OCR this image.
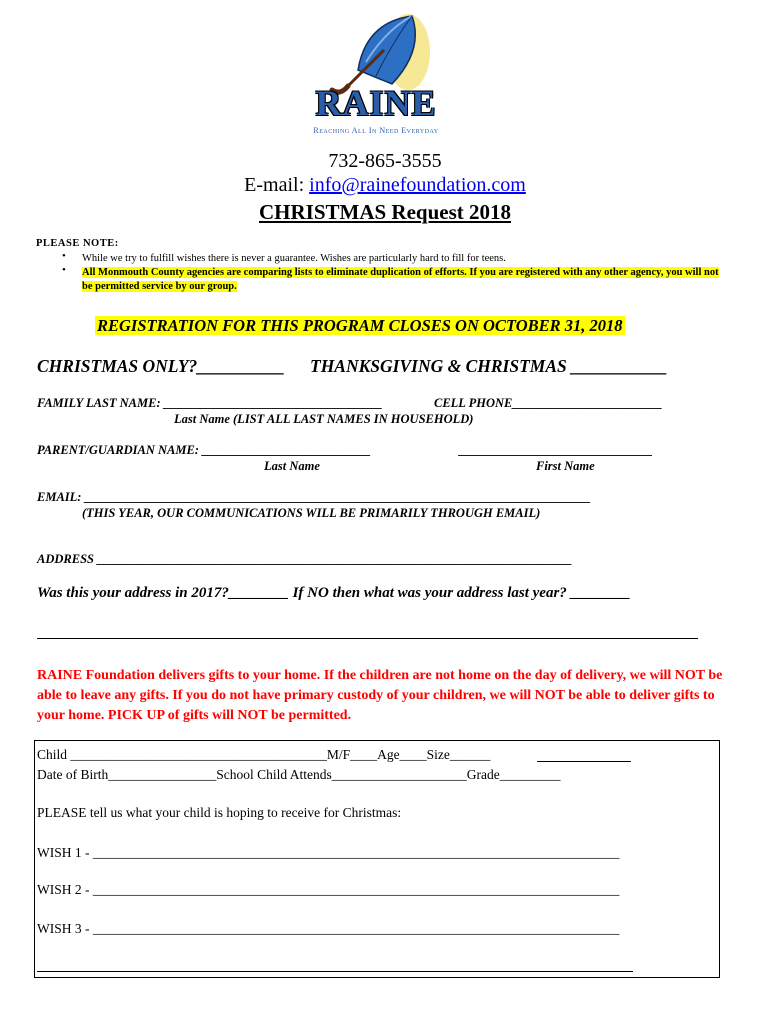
RAINE
Reaching All In Need Everyday
732-865-3555
E-mail: info@rainefoundation.com
CHRISTMAS Request 2018
PLEASE NOTE:
• While we try to fulfill wishes there is never a guarantee. Wishes are particularly hard to fill for teens.
• All Monmouth County agencies are comparing lists to eliminate duplication of efforts. If you are registered with any other agency, you will not be permitted service by our group.
REGISTRATION FOR THIS PROGRAM CLOSES ON OCTOBER 31, 2018
CHRISTMAS ONLY?__________ THANKSGIVING & CHRISTMAS ___________
FAMILY LAST NAME: ___________________________________	CELL PHONE________________________
Last Name (LIST ALL LAST NAMES IN HOUSEHOLD)
PARENT/GUARDIAN NAME: ___________________________	_______________________________
Last Name	First Name
EMAIL: _________________________________________________________________________________
(THIS YEAR, OUR COMMUNICATIONS WILL BE PRIMARILY THROUGH EMAIL)
ADDRESS ____________________________________________________________________________
Was this your address in 2017?________ If NO then what was your address last year? ________
RAINE Foundation delivers gifts to your home. If the children are not home on the day of delivery, we will NOT be able to leave any gifts. If you do not have primary custody of your children, we will NOT be able to deliver gifts to your home. PICK UP of gifts will NOT be permitted.
Child ______________________________________M/F____Age____Size______
Date of Birth________________School Child Attends____________________Grade_________
PLEASE tell us what your child is hoping to receive for Christmas:
WISH 1 - ______________________________________________________________________________
WISH 2 - ______________________________________________________________________________
WISH 3 - ______________________________________________________________________________
